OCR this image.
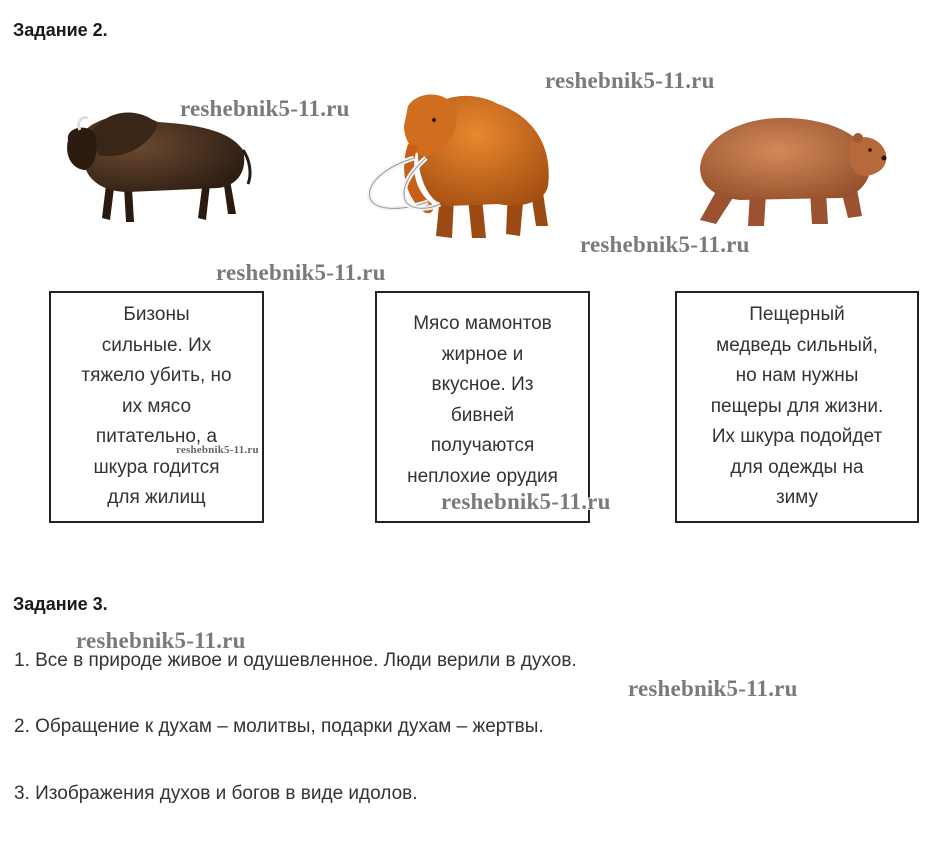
Задание 2.
Бизоны
сильные. Их
тяжело убить, но
их мясо
питательно, а
шкура годится
для жилищ
Мясо мамонтов
жирное и
вкусное. Из
бивней
получаются
неплохие орудия
Пещерный
медведь сильный,
но нам нужны
пещеры для жизни.
Их шкура подойдет
для одежды на
зиму
Задание 3.
1. Все в природе живое и одушевленное. Люди верили в духов.
2. Обращение к духам – молитвы, подарки духам – жертвы.
3. Изображения духов и богов в виде идолов.
reshebnik5-11.ru
reshebnik5-11.ru
reshebnik5-11.ru
reshebnik5-11.ru
reshebnik5-11.ru
reshebnik5-11.ru
reshebnik5-11.ru
reshebnik5-11.ru
